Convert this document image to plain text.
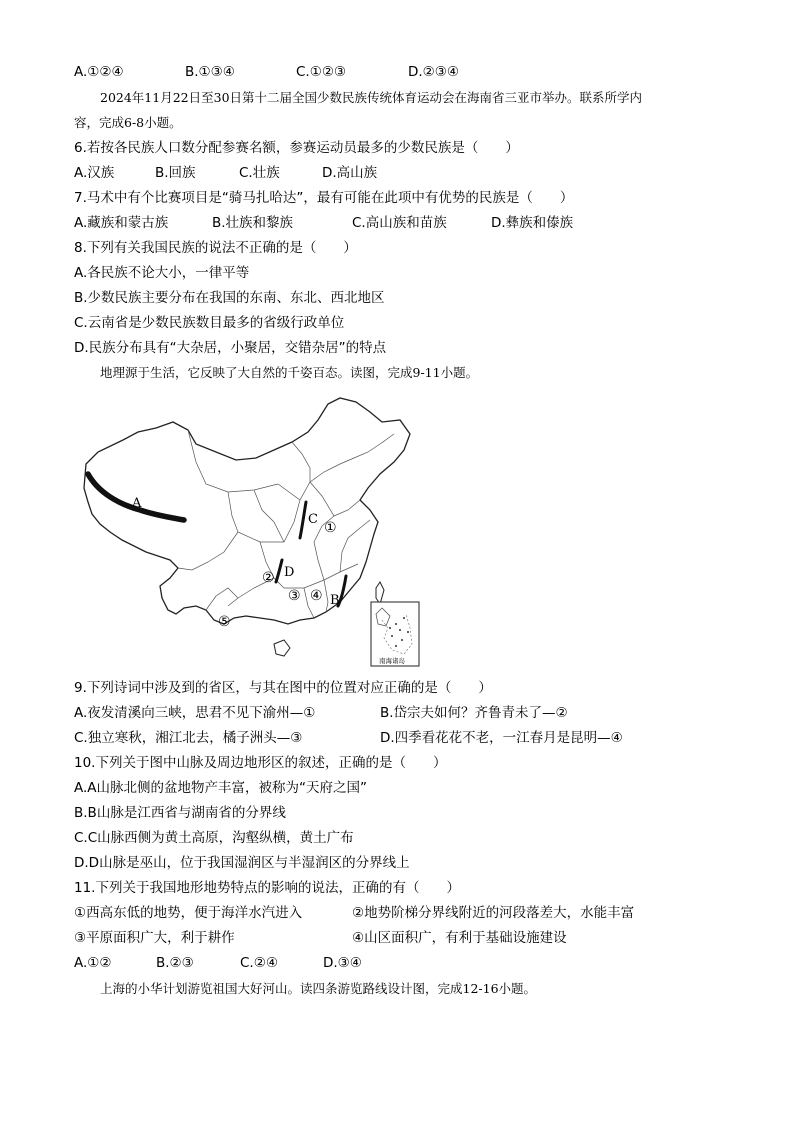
A.①②④	B.①③④	C.①②③	D.②③④
2024年11月22日至30日第十二届全国少数民族传统体育运动会在海南省三亚市举办。联系所学内
容，完成6-8小题。
6.若按各民族人口数分配参赛名额，参赛运动员最多的少数民族是（　　）
A.汉族	B.回族	C.壮族	D.高山族
7.马术中有个比赛项目是“骑马扎哈达”，最有可能在此项中有优势的民族是（　　）
A.藏族和蒙古族	B.壮族和黎族	C.高山族和苗族	D.彝族和傣族
8.下列有关我国民族的说法不正确的是（　　）
A.各民族不论大小，一律平等
B.少数民族主要分布在我国的东南、东北、西北地区
C.云南省是少数民族数目最多的省级行政单位
D.民族分布具有“大杂居，小聚居，交错杂居”的特点
地理源于生活，它反映了大自然的千姿百态。读图，完成9-11小题。
A
C
D
B
①
②
③ ④
⑤
南海诸岛
9.下列诗词中涉及到的省区，与其在图中的位置对应正确的是（　　）
A.夜发清溪向三峡，思君不见下渝州—①	B.岱宗夫如何？齐鲁青未了—②
C.独立寒秋，湘江北去，橘子洲头—③	D.四季看花花不老，一江春月是昆明—④
10.下列关于图中山脉及周边地形区的叙述，正确的是（　　）
A.A山脉北侧的盆地物产丰富，被称为“天府之国”
B.B山脉是江西省与湖南省的分界线
C.C山脉西侧为黄土高原，沟壑纵横，黄土广布
D.D山脉是巫山，位于我国湿润区与半湿润区的分界线上
11.下列关于我国地形地势特点的影响的说法，正确的有（　　）
①西高东低的地势，便于海洋水汽进入	②地势阶梯分界线附近的河段落差大，水能丰富
③平原面积广大，利于耕作	④山区面积广，有利于基础设施建设
A.①②	B.②③	C.②④	D.③④
上海的小华计划游览祖国大好河山。读四条游览路线设计图，完成12-16小题。
